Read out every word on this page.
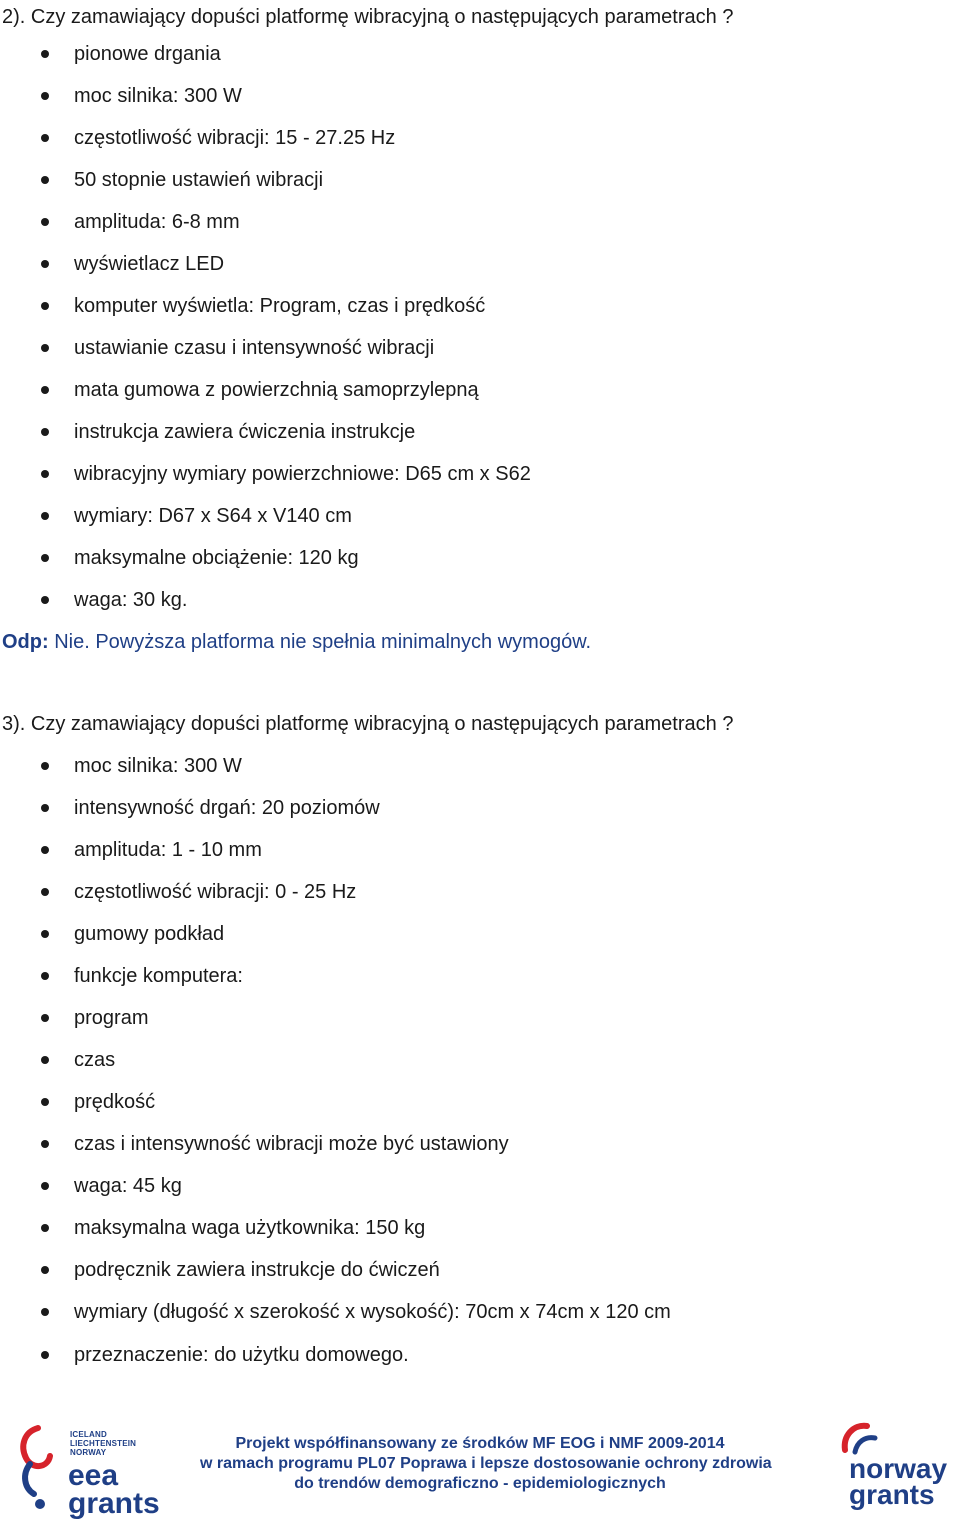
2). Czy zamawiający dopuści platformę wibracyjną o następujących parametrach ?
pionowe drgania
moc silnika: 300 W
częstotliwość wibracji: 15 - 27.25 Hz
50 stopnie ustawień wibracji
amplituda: 6-8 mm
wyświetlacz LED
komputer wyświetla: Program, czas i prędkość
ustawianie czasu i intensywność wibracji
mata gumowa z powierzchnią samoprzylepną
instrukcja zawiera ćwiczenia instrukcje
wibracyjny wymiary powierzchniowe: D65 cm x S62
wymiary: D67 x S64 x V140 cm
maksymalne obciążenie: 120 kg
waga: 30 kg.
Odp: Nie. Powyższa platforma nie spełnia minimalnych wymogów.
3). Czy zamawiający dopuści platformę wibracyjną o następujących parametrach ?
moc silnika: 300 W
intensywność drgań: 20 poziomów
amplituda: 1 - 10 mm
częstotliwość wibracji: 0 - 25 Hz
gumowy podkład
funkcje komputera:
program
czas
prędkość
czas i intensywność wibracji może być ustawiony
waga: 45 kg
maksymalna waga użytkownika: 150 kg
podręcznik zawiera instrukcje do ćwiczeń
wymiary (długość x szerokość x wysokość): 70cm x 74cm x 120 cm
przeznaczenie: do użytku domowego.
ICELAND
LIECHTENSTEIN
NORWAY
eea
grants
Projekt współfinansowany ze środków MF EOG i NMF 2009-2014
w ramach programu PL07 Poprawa i lepsze dostosowanie ochrony zdrowia
do trendów demograficzno - epidemiologicznych	norway
grants
